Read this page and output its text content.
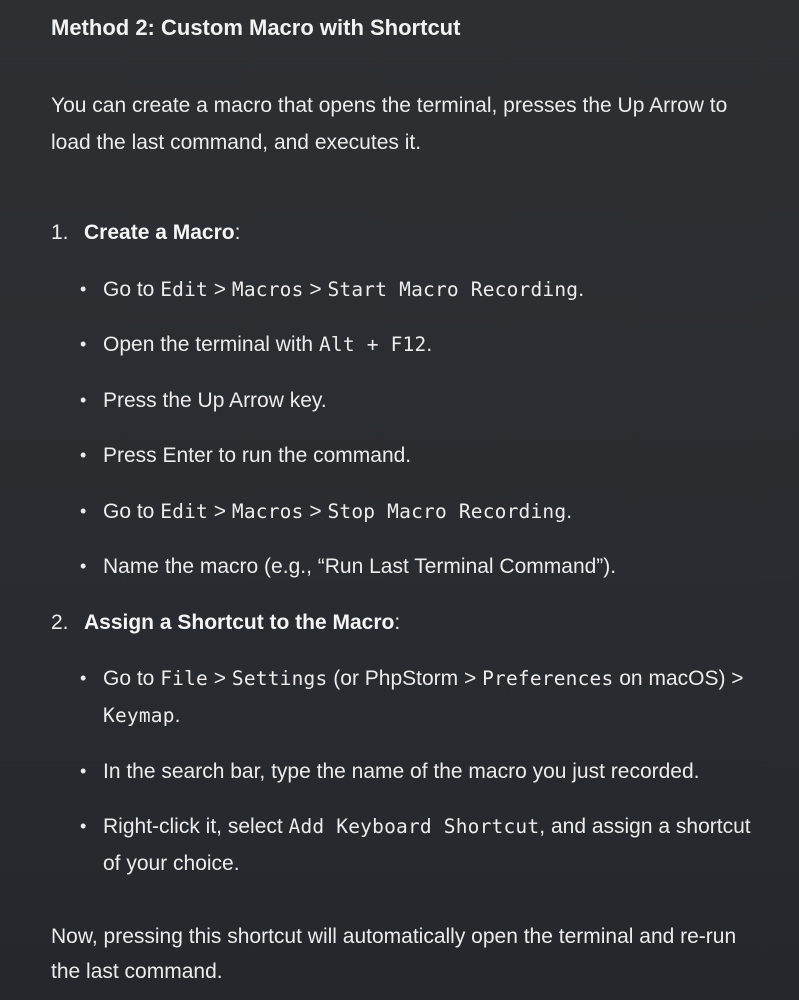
Method 2: Custom Macro with Shortcut

You can create a macro that opens the terminal, presses the Up Arrow to load the last command, and executes it.

1. Create a Macro:

• Go to Edit > Macros > Start Macro Recording.
• Open the terminal with Alt + F12.
• Press the Up Arrow key.
• Press Enter to run the command.
• Go to Edit > Macros > Stop Macro Recording.
• Name the macro (e.g., “Run Last Terminal Command”).

2. Assign a Shortcut to the Macro:

• Go to File > Settings (or PhpStorm > Preferences on macOS) > Keymap.
• In the search bar, type the name of the macro you just recorded.
• Right-click it, select Add Keyboard Shortcut, and assign a shortcut of your choice.

Now, pressing this shortcut will automatically open the terminal and re-run the last command.
